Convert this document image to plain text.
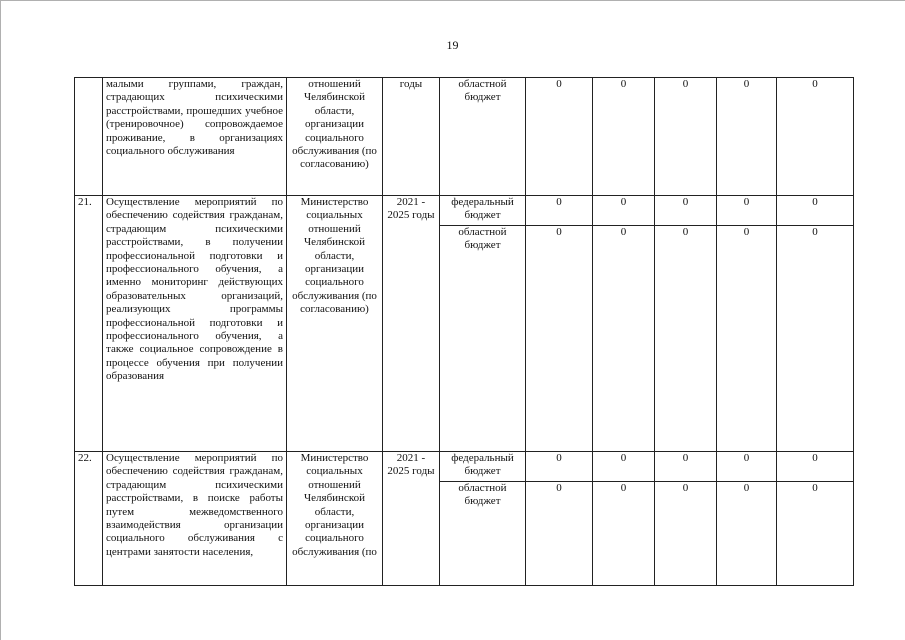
19
	малыми группами, граждан, страдающих психическими расстройствами, прошедших учебное (тренировочное) сопровождаемое проживание, в организациях социального обслуживания	отношений Челябинской области, организации социального обслуживания (по согласованию)	годы	областной бюджет	0	0	0	0	0
21.	Осуществление мероприятий по обеспечению содействия гражданам, страдающим психическими расстройствами, в получении профессиональной подготовки и профессионального обучения, а именно мониторинг действующих образовательных организаций, реализующих программы профессиональной подготовки и профессионального обучения, а также социальное сопровождение в процессе обучения при получении образования	Министерство социальных отношений Челябинской области, организации социального обслуживания (по согласованию)	2021 - 2025 годы	федеральный бюджет	0	0	0	0	0
				областной бюджет	0	0	0	0	0
22.	Осуществление мероприятий по обеспечению содействия гражданам, страдающим психическими расстройствами, в поиске работы путем межведомственного взаимодействия организации социального обслуживания с центрами занятости населения,	Министерство социальных отношений Челябинской области, организации социального обслуживания (по	2021 - 2025 годы	федеральный бюджет	0	0	0	0	0
				областной бюджет	0	0	0	0	0
